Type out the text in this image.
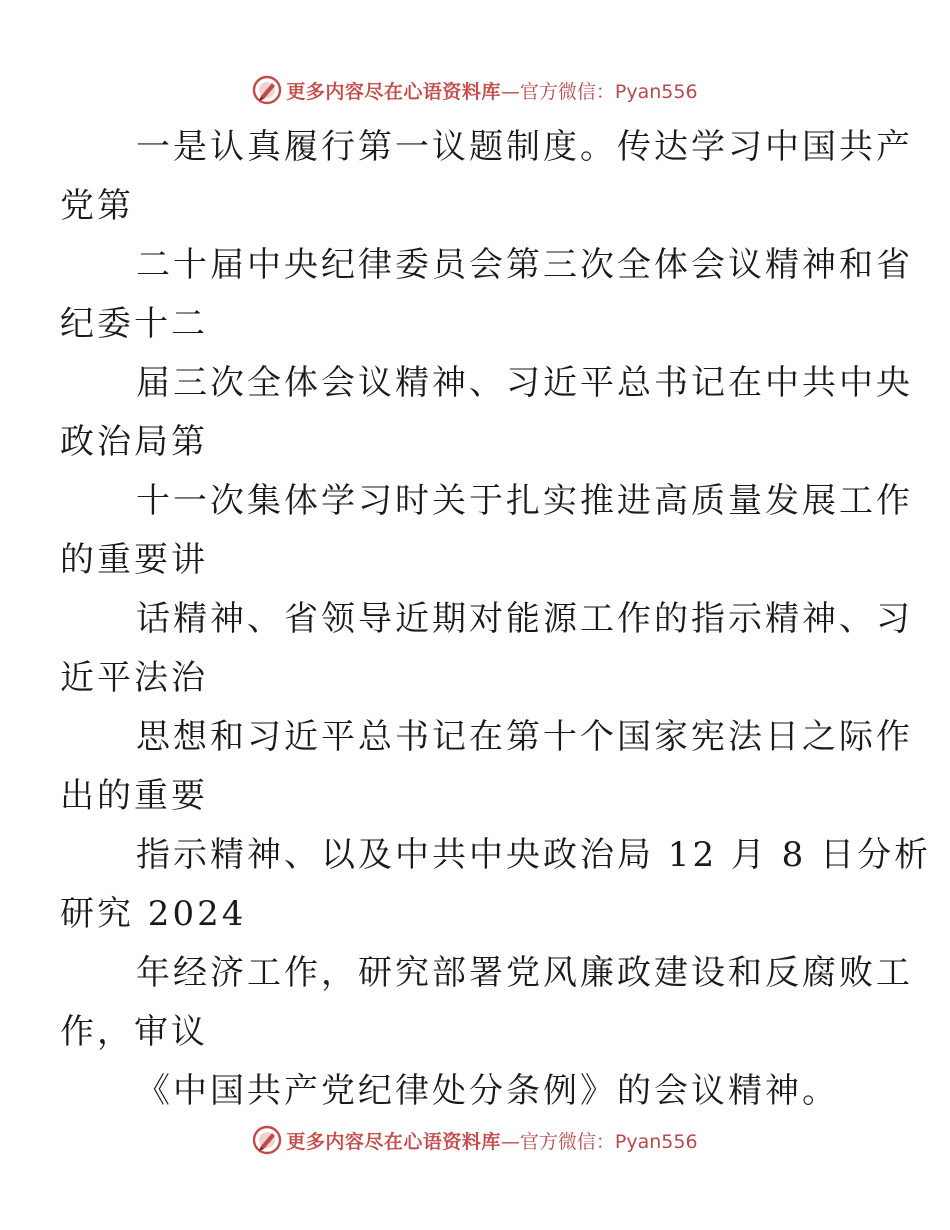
更多内容尽在心语资料库 —官方微信：Pyan556

一是认真履行第一议题制度。传达学习中国共产
党第

二十届中央纪律委员会第三次全体会议精神和省
纪委十二

届三次全体会议精神、习近平总书记在中共中央
政治局第

十一次集体学习时关于扎实推进高质量发展工作
的重要讲

话精神、省领导近期对能源工作的指示精神、习
近平法治

思想和习近平总书记在第十个国家宪法日之际作
出的重要

指示精神、以及中共中央政治局 12 月 8 日分析
研究 2024

年经济工作，研究部署党风廉政建设和反腐败工
作，审议

《中国共产党纪律处分条例》的会议精神。

更多内容尽在心语资料库 —官方微信：Pyan556
